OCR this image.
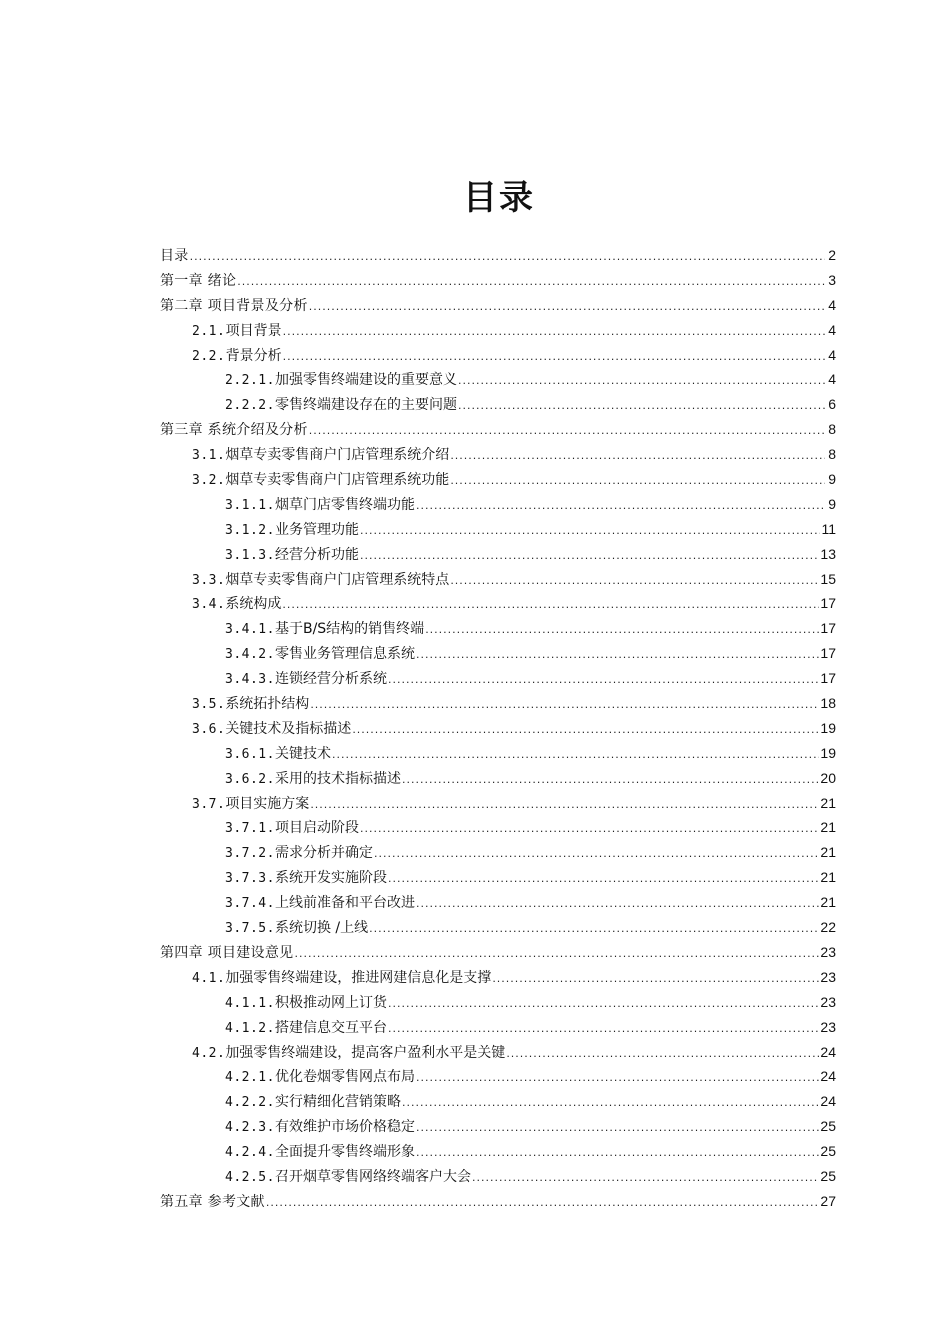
目录
目录 .....	2
第一章 绪论 .....	3
第二章 项目背景及分析 .....	4
2.1. 项目背景 .....	4
2.2. 背景分析 .....	4
2.2.1. 加强零售终端建设的重要意义 .....	4
2.2.2. 零售终端建设存在的主要问题 .....	6
第三章 系统介绍及分析 .....	8
3.1. 烟草专卖零售商户门店管理系统介绍 .....	8
3.2. 烟草专卖零售商户门店管理系统功能 .....	9
3.1.1. 烟草门店零售终端功能 .....	9
3.1.2. 业务管理功能 .....	11
3.1.3. 经营分析功能 .....	13
3.3. 烟草专卖零售商户门店管理系统特点 .....	15
3.4. 系统构成 .....	17
3.4.1. 基于B/S结构的销售终端 .....	17
3.4.2. 零售业务管理信息系统 .....	17
3.4.3. 连锁经营分析系统 .....	17
3.5. 系统拓扑结构 .....	18
3.6. 关键技术及指标描述 .....	19
3.6.1. 关键技术 .....	19
3.6.2. 采用的技术指标描述 .....	20
3.7. 项目实施方案 .....	21
3.7.1. 项目启动阶段 .....	21
3.7.2. 需求分析并确定 .....	21
3.7.3. 系统开发实施阶段 .....	21
3.7.4. 上线前准备和平台改进 .....	21
3.7.5. 系统切换 /上线 .....	22
第四章 项目建设意见 .....	23
4.1. 加强零售终端建设，推进网建信息化是支撑 .....	23
4.1.1. 积极推动网上订货 .....	23
4.1.2. 搭建信息交互平台 .....	23
4.2. 加强零售终端建设，提高客户盈利水平是关键 .....	24
4.2.1. 优化卷烟零售网点布局 .....	24
4.2.2. 实行精细化营销策略 .....	24
4.2.3. 有效维护市场价格稳定 .....	25
4.2.4. 全面提升零售终端形象 .....	25
4.2.5. 召开烟草零售网络终端客户大会 .....	25
第五章 参考文献 .....	27
